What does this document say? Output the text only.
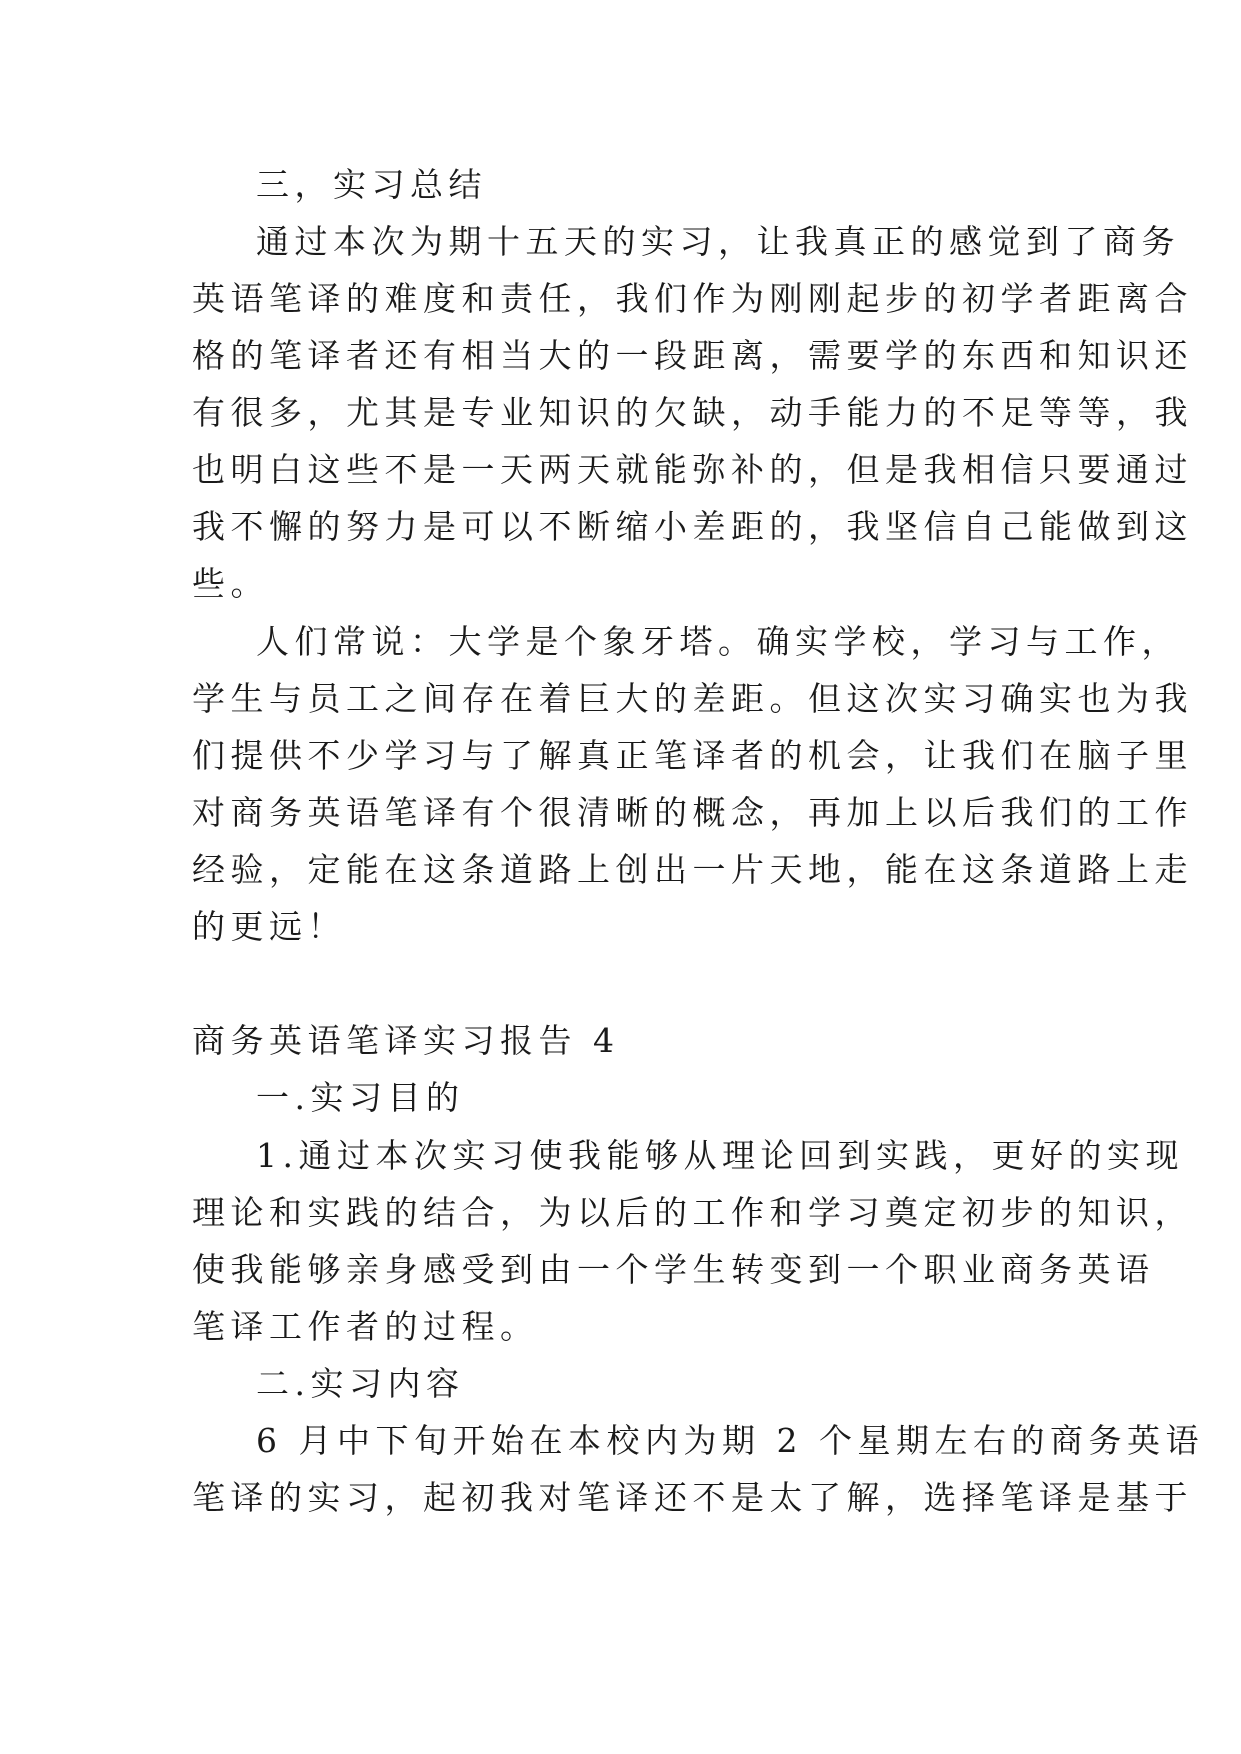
三，实习总结
通过本次为期十五天的实习，让我真正的感觉到了商务
英语笔译的难度和责任，我们作为刚刚起步的初学者距离合
格的笔译者还有相当大的一段距离，需要学的东西和知识还
有很多，尤其是专业知识的欠缺，动手能力的不足等等，我
也明白这些不是一天两天就能弥补的，但是我相信只要通过
我不懈的努力是可以不断缩小差距的，我坚信自己能做到这
些。
人们常说：大学是个象牙塔。确实学校，学习与工作，
学生与员工之间存在着巨大的差距。但这次实习确实也为我
们提供不少学习与了解真正笔译者的机会，让我们在脑子里
对商务英语笔译有个很清晰的概念，再加上以后我们的工作
经验，定能在这条道路上创出一片天地，能在这条道路上走
的更远！
商务英语笔译实习报告 4
一.实习目的
1.通过本次实习使我能够从理论回到实践，更好的实现
理论和实践的结合，为以后的工作和学习奠定初步的知识，
使我能够亲身感受到由一个学生转变到一个职业商务英语
笔译工作者的过程。
二.实习内容
6 月中下旬开始在本校内为期 2 个星期左右的商务英语
笔译的实习，起初我对笔译还不是太了解，选择笔译是基于
